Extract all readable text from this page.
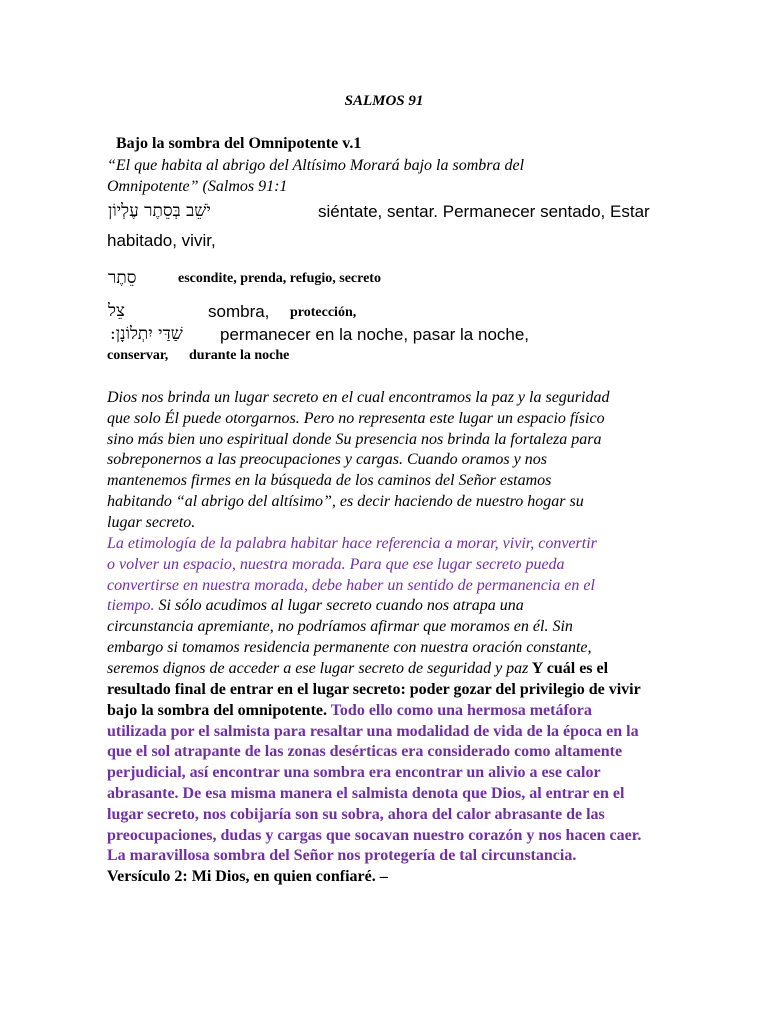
SALMOS 91
Bajo la sombra del Omnipotente v.1
“El que habita al abrigo del Altísimo Morará bajo la sombra del
Omnipotente” (Salmos 91:1
יֹשֵׁב בְּסֵתֶר עֶלְיוֹן	siéntate, sentar. Permanecer sentado, Estar
habitado, vivir,
סֵתֶר	escondite, prenda, refugio, secreto
צֵל	sombra, protección,
שַׁדַּי יִתְלוֹנָן: permanecer en la noche, pasar la noche,
conservar, durante la noche
Dios nos brinda un lugar secreto en el cual encontramos la paz y la seguridad
que solo Él puede otorgarnos. Pero no representa este lugar un espacio físico
sino más bien uno espiritual donde Su presencia nos brinda la fortaleza para
sobreponernos a las preocupaciones y cargas. Cuando oramos y nos
mantenemos firmes en la búsqueda de los caminos del Señor estamos
habitando “al abrigo del altísimo”, es decir haciendo de nuestro hogar su
lugar secreto.
La etimología de la palabra habitar hace referencia a morar, vivir, convertir
o volver un espacio, nuestra morada. Para que ese lugar secreto pueda
convertirse en nuestra morada, debe haber un sentido de permanencia en el
tiempo. Si sólo acudimos al lugar secreto cuando nos atrapa una
circunstancia apremiante, no podríamos afirmar que moramos en él. Sin
embargo si tomamos residencia permanente con nuestra oración constante,
seremos dignos de acceder a ese lugar secreto de seguridad y paz Y cuál es el
resultado final de entrar en el lugar secreto: poder gozar del privilegio de vivir
bajo la sombra del omnipotente. Todo ello como una hermosa metáfora
utilizada por el salmista para resaltar una modalidad de vida de la época en la
que el sol atrapante de las zonas desérticas era considerado como altamente
perjudicial, así encontrar una sombra era encontrar un alivio a ese calor
abrasante. De esa misma manera el salmista denota que Dios, al entrar en el
lugar secreto, nos cobijaría son su sobra, ahora del calor abrasante de las
preocupaciones, dudas y cargas que socavan nuestro corazón y nos hacen caer.
La maravillosa sombra del Señor nos protegería de tal circunstancia.
Versículo 2: Mi Dios, en quien confiaré. –
